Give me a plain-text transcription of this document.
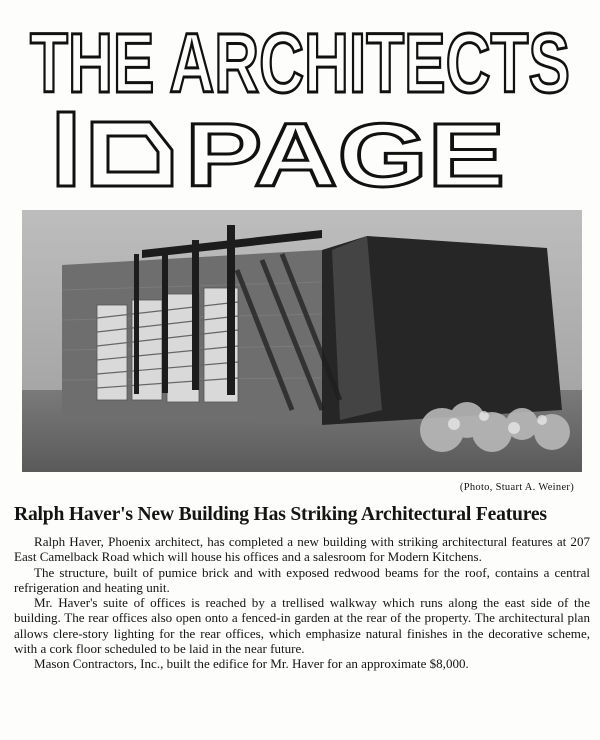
THE ARCHITECTS
PAGE
(Photo, Stuart A. Weiner)
Ralph Haver's New Building Has Striking Architectural Features

Ralph Haver, Phoenix architect, has completed a new building with striking architectural features at 207 East Camelback Road which will house his offices and a salesroom for Modern Kitchens.

The structure, built of pumice brick and with exposed redwood beams for the roof, contains a central refrigeration and heating unit.

Mr. Haver's suite of offices is reached by a trellised walkway which runs along the east side of the building. The rear offices also open onto a fenced-in garden at the rear of the property. The architectural plan allows clere-story lighting for the rear offices, which emphasize natural finishes in the decorative scheme, with a cork floor scheduled to be laid in the near future.

Mason Contractors, Inc., built the edifice for Mr. Haver for an approximate $8,000.
